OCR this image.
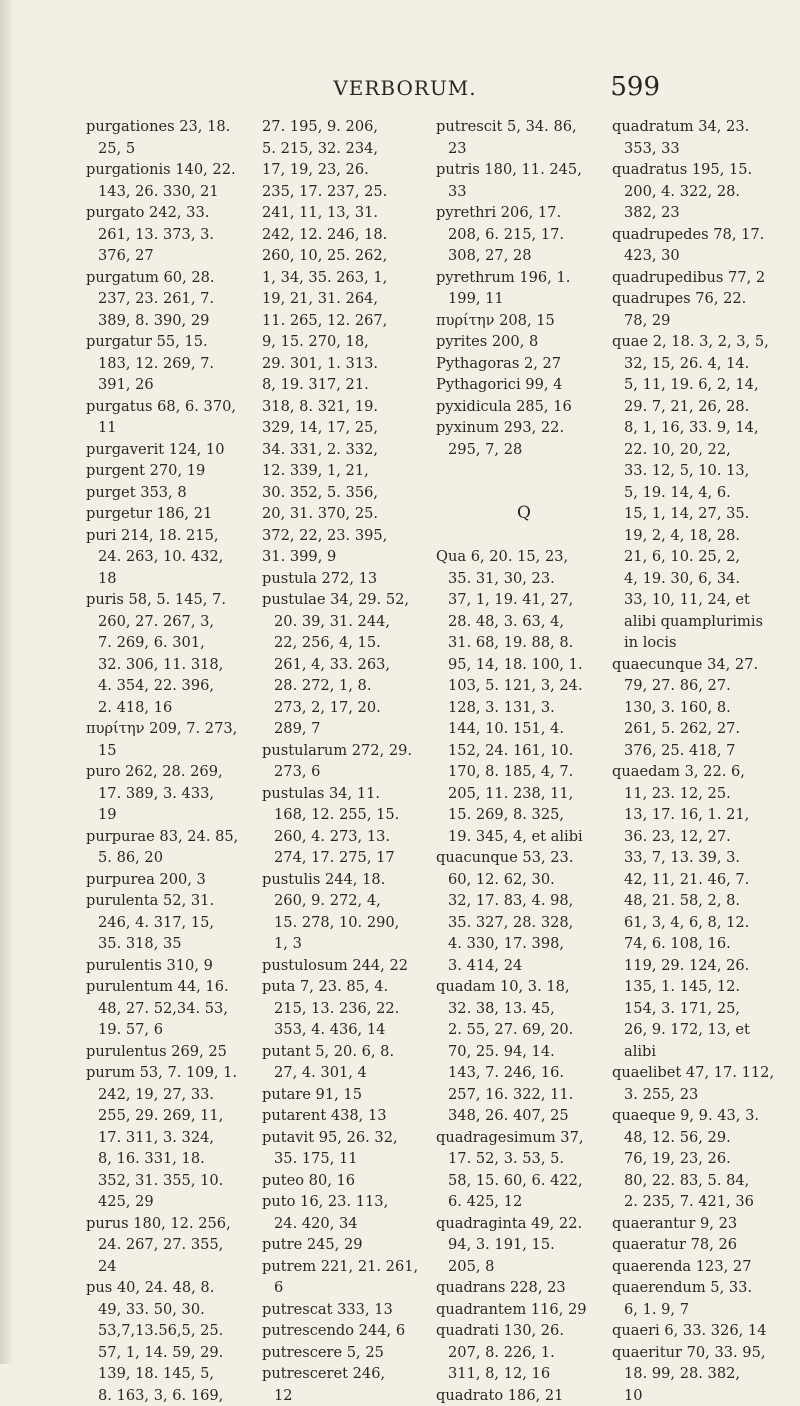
VERBORUM.	599
purgationes 23, 18.
25, 5
purgationis 140, 22.
143, 26. 330, 21
purgato 242, 33.
261, 13. 373, 3.
376, 27
purgatum 60, 28.
237, 23. 261, 7.
389, 8. 390, 29
purgatur 55, 15.
183, 12. 269, 7.
391, 26
purgatus 68, 6. 370,
11
purgaverit 124, 10
purgent 270, 19
purget 353, 8
purgetur 186, 21
puri 214, 18. 215,
24. 263, 10. 432,
18
puris 58, 5. 145, 7.
260, 27. 267, 3,
7. 269, 6. 301,
32. 306, 11. 318,
4. 354, 22. 396,
2. 418, 16
πυρίτην 209, 7. 273,
15
puro 262, 28. 269,
17. 389, 3. 433,
19
purpurae 83, 24. 85,
5. 86, 20
purpurea 200, 3
purulenta 52, 31.
246, 4. 317, 15,
35. 318, 35
purulentis 310, 9
purulentum 44, 16.
48, 27. 52,34. 53,
19. 57, 6
purulentus 269, 25
purum 53, 7. 109, 1.
242, 19, 27, 33.
255, 29. 269, 11,
17. 311, 3. 324,
8, 16. 331, 18.
352, 31. 355, 10.
425, 29
purus 180, 12. 256,
24. 267, 27. 355,
24
pus 40, 24. 48, 8.
49, 33. 50, 30.
53,7,13.56,5, 25.
57, 1, 14. 59, 29.
139, 18. 145, 5,
8. 163, 3, 6. 169,
27. 195, 9. 206,
5. 215, 32. 234,
17, 19, 23, 26.
235, 17. 237, 25.
241, 11, 13, 31.
242, 12. 246, 18.
260, 10, 25. 262,
1, 34, 35. 263, 1,
19, 21, 31. 264,
11. 265, 12. 267,
9, 15. 270, 18,
29. 301, 1. 313.
8, 19. 317, 21.
318, 8. 321, 19.
329, 14, 17, 25,
34. 331, 2. 332,
12. 339, 1, 21,
30. 352, 5. 356,
20, 31. 370, 25.
372, 22, 23. 395,
31. 399, 9
pustula 272, 13
pustulae 34, 29. 52,
20. 39, 31. 244,
22, 256, 4, 15.
261, 4, 33. 263,
28. 272, 1, 8.
273, 2, 17, 20.
289, 7
pustularum 272, 29.
273, 6
pustulas 34, 11.
168, 12. 255, 15.
260, 4. 273, 13.
274, 17. 275, 17
pustulis 244, 18.
260, 9. 272, 4,
15. 278, 10. 290,
1, 3
pustulosum 244, 22
puta 7, 23. 85, 4.
215, 13. 236, 22.
353, 4. 436, 14
putant 5, 20. 6, 8.
27, 4. 301, 4
putare 91, 15
putarent 438, 13
putavit 95, 26. 32,
35. 175, 11
puteo 80, 16
puto 16, 23. 113,
24. 420, 34
putre 245, 29
putrem 221, 21. 261,
6
putrescat 333, 13
putrescendo 244, 6
putrescere 5, 25
putresceret 246,
12
putrescit 5, 34. 86,
23
putris 180, 11. 245,
33
pyrethri 206, 17.
208, 6. 215, 17.
308, 27, 28
pyrethrum 196, 1.
199, 11
πυρίτην 208, 15
pyrites 200, 8
Pythagoras 2, 27
Pythagorici 99, 4
pyxidicula 285, 16
pyxinum 293, 22.
295, 7, 28
Q
Qua 6, 20. 15, 23,
35. 31, 30, 23.
37, 1, 19. 41, 27,
28. 48, 3. 63, 4,
31. 68, 19. 88, 8.
95, 14, 18. 100, 1.
103, 5. 121, 3, 24.
128, 3. 131, 3.
144, 10. 151, 4.
152, 24. 161, 10.
170, 8. 185, 4, 7.
205, 11. 238, 11,
15. 269, 8. 325,
19. 345, 4, et alibi
quacunque 53, 23.
60, 12. 62, 30.
32, 17. 83, 4. 98,
35. 327, 28. 328,
4. 330, 17. 398,
3. 414, 24
quadam 10, 3. 18,
32. 38, 13. 45,
2. 55, 27. 69, 20.
70, 25. 94, 14.
143, 7. 246, 16.
257, 16. 322, 11.
348, 26. 407, 25
quadragesimum 37,
17. 52, 3. 53, 5.
58, 15. 60, 6. 422,
6. 425, 12
quadraginta 49, 22.
94, 3. 191, 15.
205, 8
quadrans 228, 23
quadrantem 116, 29
quadrati 130, 26.
207, 8. 226, 1.
311, 8, 12, 16
quadrato 186, 21
quadratum 34, 23.
353, 33
quadratus 195, 15.
200, 4. 322, 28.
382, 23
quadrupedes 78, 17.
423, 30
quadrupedibus 77, 2
quadrupes 76, 22.
78, 29
quae 2, 18. 3, 2, 3, 5,
32, 15, 26. 4, 14.
5, 11, 19. 6, 2, 14,
29. 7, 21, 26, 28.
8, 1, 16, 33. 9, 14,
22. 10, 20, 22,
33. 12, 5, 10. 13,
5, 19. 14, 4, 6.
15, 1, 14, 27, 35.
19, 2, 4, 18, 28.
21, 6, 10. 25, 2,
4, 19. 30, 6, 34.
33, 10, 11, 24, et
alibi quamplurimis
in locis
quaecunque 34, 27.
79, 27. 86, 27.
130, 3. 160, 8.
261, 5. 262, 27.
376, 25. 418, 7
quaedam 3, 22. 6,
11, 23. 12, 25.
13, 17. 16, 1. 21,
36. 23, 12, 27.
33, 7, 13. 39, 3.
42, 11, 21. 46, 7.
48, 21. 58, 2, 8.
61, 3, 4, 6, 8, 12.
74, 6. 108, 16.
119, 29. 124, 26.
135, 1. 145, 12.
154, 3. 171, 25,
26, 9. 172, 13, et
alibi
quaelibet 47, 17. 112,
3. 255, 23
quaeque 9, 9. 43, 3.
48, 12. 56, 29.
76, 19, 23, 26.
80, 22. 83, 5. 84,
2. 235, 7. 421, 36
quaerantur 9, 23
quaeratur 78, 26
quaerenda 123, 27
quaerendum 5, 33.
6, 1. 9, 7
quaeri 6, 33. 326, 14
quaeritur 70, 33. 95,
18. 99, 28. 382,
10
